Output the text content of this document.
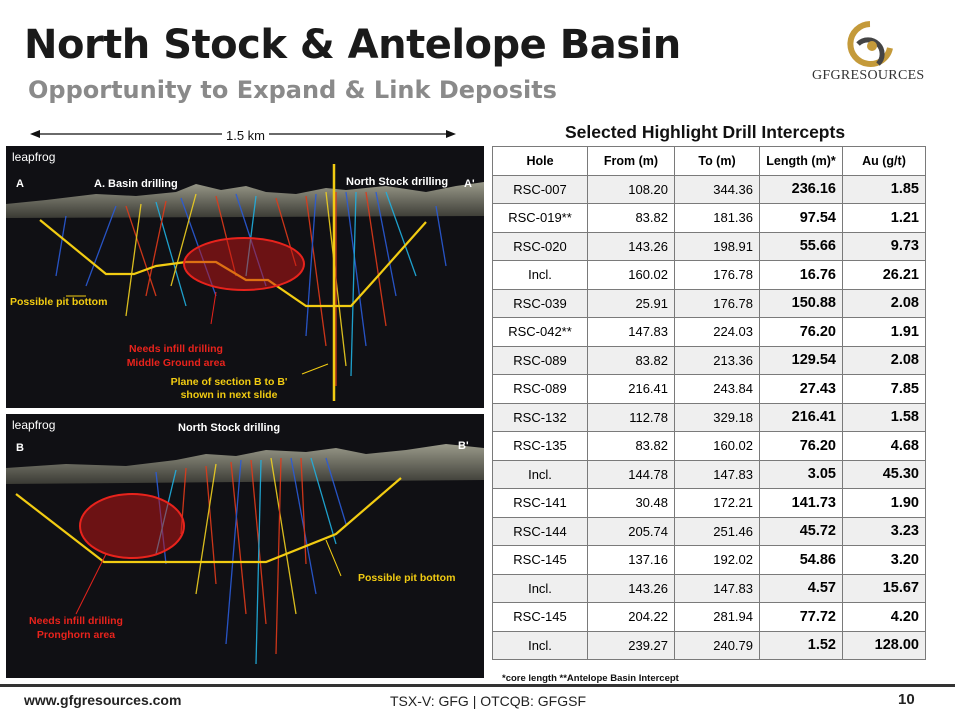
North Stock & Antelope Basin
Opportunity to Expand & Link Deposits
GFGRESOURCES
1.5 km
leapfrog
A	A. Basin drilling	North Stock drilling A'
Possible pit bottom
Needs infill drilling
Middle Ground area
Plane of section B to B'
shown in next slide
leapfrog
B
North Stock drilling
B'
Possible pit bottom
Needs infill drilling
Pronghorn area
Selected Highlight Drill Intercepts
Hole	From (m)	To (m)	Length (m)*	Au (g/t)
RSC-007	108.20	344.36	236.16	1.85
RSC-019**	83.82	181.36	97.54	1.21
RSC-020	143.26	198.91	55.66	9.73
Incl.	160.02	176.78	16.76	26.21
RSC-039	25.91	176.78	150.88	2.08
RSC-042**	147.83	224.03	76.20	1.91
RSC-089	83.82	213.36	129.54	2.08
RSC-089	216.41	243.84	27.43	7.85
RSC-132	112.78	329.18	216.41	1.58
RSC-135	83.82	160.02	76.20	4.68
Incl.	144.78	147.83	3.05	45.30
RSC-141	30.48	172.21	141.73	1.90
RSC-144	205.74	251.46	45.72	3.23
RSC-145	137.16	192.02	54.86	3.20
Incl.	143.26	147.83	4.57	15.67
RSC-145	204.22	281.94	77.72	4.20
Incl.	239.27	240.79	1.52	128.00
*core length **Antelope Basin Intercept
www.gfgresources.com	TSX-V: GFG | OTCQB: GFGSF	10
